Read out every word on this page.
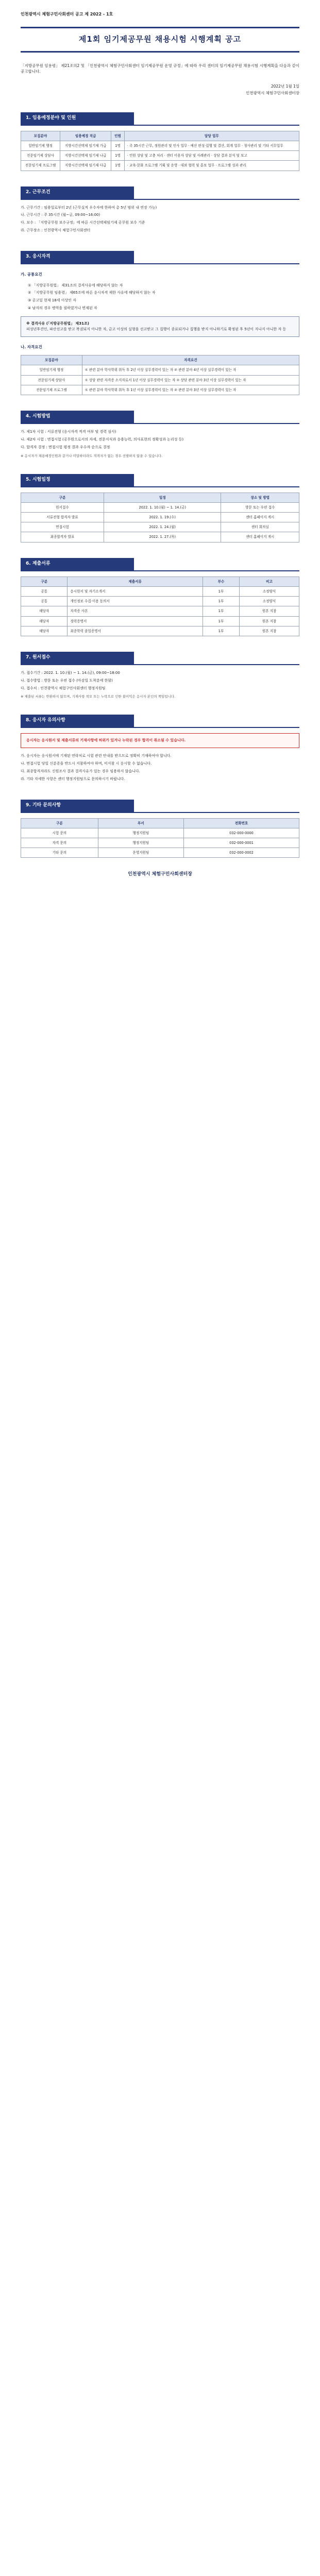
인천광역시 체험구민사회센터 공고 제 2022 - 1호
제1회 임기제공무원 채용시험 시행계획 공고
「지방공무원 임용령」 제21조의2 및 「인천광역시 체험구민사회센터 임기제공무원 운영 규정」에 따라 우리 센터의 임기제공무원 채용시험 시행계획을 다음과 같이 공고합니다.
2022년 1월 1일
인천광역시 체험구민사회센터장
1. 임용예정분야 및 인원
모집분야	임용예정 직급	인원	담당 업무
일반임기제 행정	지방시간선택제 임기제 가급	1명	· 주 35시간 근무, 정원관리 및 인사 업무 · 예산 편성·집행 및 결산, 회계 업무 · 청사관리 및 기타 서무업무
전문임기제 상담사	지방시간선택제 임기제 나급	1명	· 민원 상담 및 고충 처리 · 센터 이용자 상담 및 사례관리 · 상담 결과 분석 및 보고
전문임기제 프로그램	지방시간선택제 임기제 다급	1명	· 교육·문화 프로그램 기획 및 운영 · 대외 협력 및 홍보 업무 · 프로그램 성과 관리
2. 근무조건
가. 근무기간 : 임용일로부터 2년 (근무실적 우수자에 한하여 총 5년 범위 내 연장 가능)
나. 근무시간 : 주 35시간 (월~금, 09:00~16:00)
다. 보수 : 「지방공무원 보수규정」에 따른 시간선택제임기제 공무원 보수 기준
라. 근무장소 : 인천광역시 체험구민사회센터
3. 응시자격
가. 공통요건
① 「지방공무원법」 제31조의 결격사유에 해당하지 않는 자
② 「지방공무원 임용령」 제65조에 따른 응시자격 제한 사유에 해당하지 않는 자
③ 공고일 현재 18세 이상인 자
④ 남자의 경우 병역을 필하였거나 면제된 자
※ 결격사유 (「지방공무원법」 제31조)
피성년후견인, 파산선고를 받고 복권되지 아니한 자, 금고 이상의 실형을 선고받고 그 집행이 종료되거나 집행을 받지 아니하기로 확정된 후 5년이 지나지 아니한 자 등
나. 자격요건
모집분야	자격요건
일반임기제 행정	① 관련 분야 학사학위 취득 후 2년 이상 실무경력이 있는 자 ② 관련 분야 4년 이상 실무경력이 있는 자
전문임기제 상담사	① 상담 관련 자격증 소지자로서 1년 이상 실무경력이 있는 자 ② 상담 관련 분야 3년 이상 실무경력이 있는 자
전문임기제 프로그램	① 관련 분야 학사학위 취득 후 1년 이상 실무경력이 있는 자 ② 관련 분야 3년 이상 실무경력이 있는 자
4. 시험방법
가. 제1차 시험 : 서류전형 (응시자격 적격 여부 및 경력 심사)
나. 제2차 시험 : 면접시험 (공무원으로서의 자세, 전문지식과 응용능력, 의사표현의 정확성과 논리성 등)
다. 합격자 결정 : 면접시험 평정 결과 우수자 순으로 결정
※ 응시자가 채용예정인원과 같거나 미달하더라도 적격자가 없는 경우 선발하지 않을 수 있습니다.
5. 시험일정
구분	일정	장소 및 방법
원서접수	2022. 1. 10.(월) ~ 1. 14.(금)	방문 또는 우편 접수
서류전형 합격자 발표	2022. 1. 19.(수)	센터 홈페이지 게시
면접시험	2022. 1. 24.(월)	센터 회의실
최종합격자 발표	2022. 1. 27.(목)	센터 홈페이지 게시
6. 제출서류
구분	제출서류	부수	비고
공통	응시원서 및 자기소개서	1부	소정양식
공통	개인정보 수집·이용 동의서	1부	소정양식
해당자	자격증 사본	1부	원본 지참
해당자	경력증명서	1부	원본 지참
해당자	최종학력 졸업증명서	1부	원본 지참
7. 원서접수
가. 접수기간 : 2022. 1. 10.(월) ~ 1. 14.(금), 09:00~18:00
나. 접수방법 : 방문 또는 우편 접수 (마감일 도착분에 한함)
다. 접수처 : 인천광역시 체험구민사회센터 행정지원팀
※ 제출된 서류는 반환하지 않으며, 기재사항 착오 또는 누락으로 인한 불이익은 응시자 본인의 책임입니다.
8. 응시자 유의사항
응시자는 응시원서 및 제출서류의 기재사항에 허위가 있거나 누락된 경우 합격이 취소될 수 있습니다.
가. 응시자는 응시원서에 기재된 연락처로 시험 관련 안내를 받으므로 정확히 기재하여야 합니다.
나. 면접시험 당일 신분증을 반드시 지참하여야 하며, 미지참 시 응시할 수 없습니다.
다. 최종합격자라도 신원조사 결과 결격사유가 있는 경우 임용하지 않습니다.
라. 기타 자세한 사항은 센터 행정지원팀으로 문의하시기 바랍니다.
9. 기타 문의사항
구분	부서	전화번호
시험 문의	행정지원팀	032-000-0000
자격 문의	행정지원팀	032-000-0001
기타 문의	운영지원팀	032-000-0002
인천광역시 체험구민사회센터장
